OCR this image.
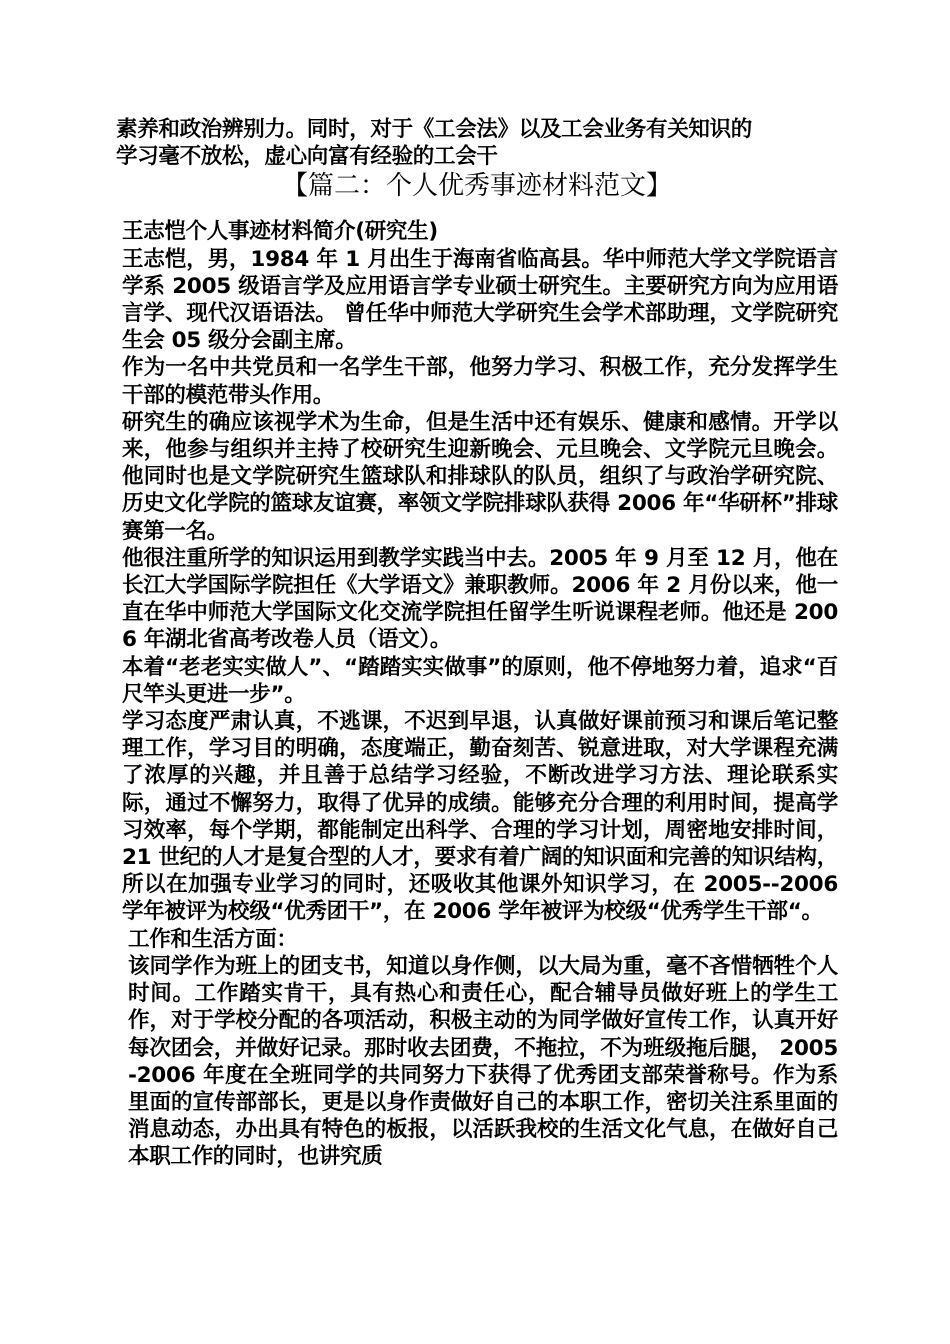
素养和政治辨别力。同时，对于《工会法》以及工会业务有关知识的

学习毫不放松，虚心向富有经验的工会干

【篇二：个人优秀事迹材料范文】

王志恺个人事迹材料简介(研究生)

王志恺，男，1984 年 1 月出生于海南省临高县。华中师范大学文学院语言学系 2005 级语言学及应用语言学专业硕士研究生。主要研究方向为应用语言学、现代汉语语法。 曾任华中师范大学研究生会学术部助理，文学院研究生会 05 级分会副主席。

作为一名中共党员和一名学生干部，他努力学习、积极工作，充分发挥学生干部的模范带头作用。

研究生的确应该视学术为生命，但是生活中还有娱乐、健康和感情。开学以来，他参与组织并主持了校研究生迎新晚会、元旦晚会、文学院元旦晚会。他同时也是文学院研究生篮球队和排球队的队员，组织了与政治学研究院、历史文化学院的篮球友谊赛，率领文学院排球队获得 2006 年“华研杯”排球赛第一名。

他很注重所学的知识运用到教学实践当中去。2005 年 9 月至 12 月，他在长江大学国际学院担任《大学语文》兼职教师。2006 年 2 月份以来，他一直在华中师范大学国际文化交流学院担任留学生听说课程老师。他还是 2006 年湖北省高考改卷人员（语文）。

本着“老老实实做人”、“踏踏实实做事”的原则，他不停地努力着，追求“百尺竿头更进一步”。

学习态度严肃认真，不逃课，不迟到早退，认真做好课前预习和课后笔记整理工作，学习目的明确，态度端正，勤奋刻苦、锐意进取，对大学课程充满了浓厚的兴趣，并且善于总结学习经验，不断改进学习方法、理论联系实际，通过不懈努力，取得了优异的成绩。能够充分合理的利用时间，提高学习效率，每个学期，都能制定出科学、合理的学习计划，周密地安排时间， 21 世纪的人才是复合型的人才，要求有着广阔的知识面和完善的知识结构，所以在加强专业学习的同时，还吸收其他课外知识学习，在 2005--2006 学年被评为校级“优秀团干”，在 2006 学年被评为校级“优秀学生干部“。

工作和生活方面：

该同学作为班上的团支书，知道以身作侧，以大局为重，毫不吝惜牺牲个人时间。工作踏实肯干，具有热心和责任心，配合辅导员做好班上的学生工作，对于学校分配的各项活动，积极主动的为同学做好宣传工作，认真开好每次团会，并做好记录。那时收去团费，不拖拉，不为班级拖后腿， 2005-2006 年度在全班同学的共同努力下获得了优秀团支部荣誉称号。作为系里面的宣传部部长，更是以身作责做好自己的本职工作，密切关注系里面的消息动态，办出具有特色的板报，以活跃我校的生活文化气息，在做好自己本职工作的同时，也讲究质
